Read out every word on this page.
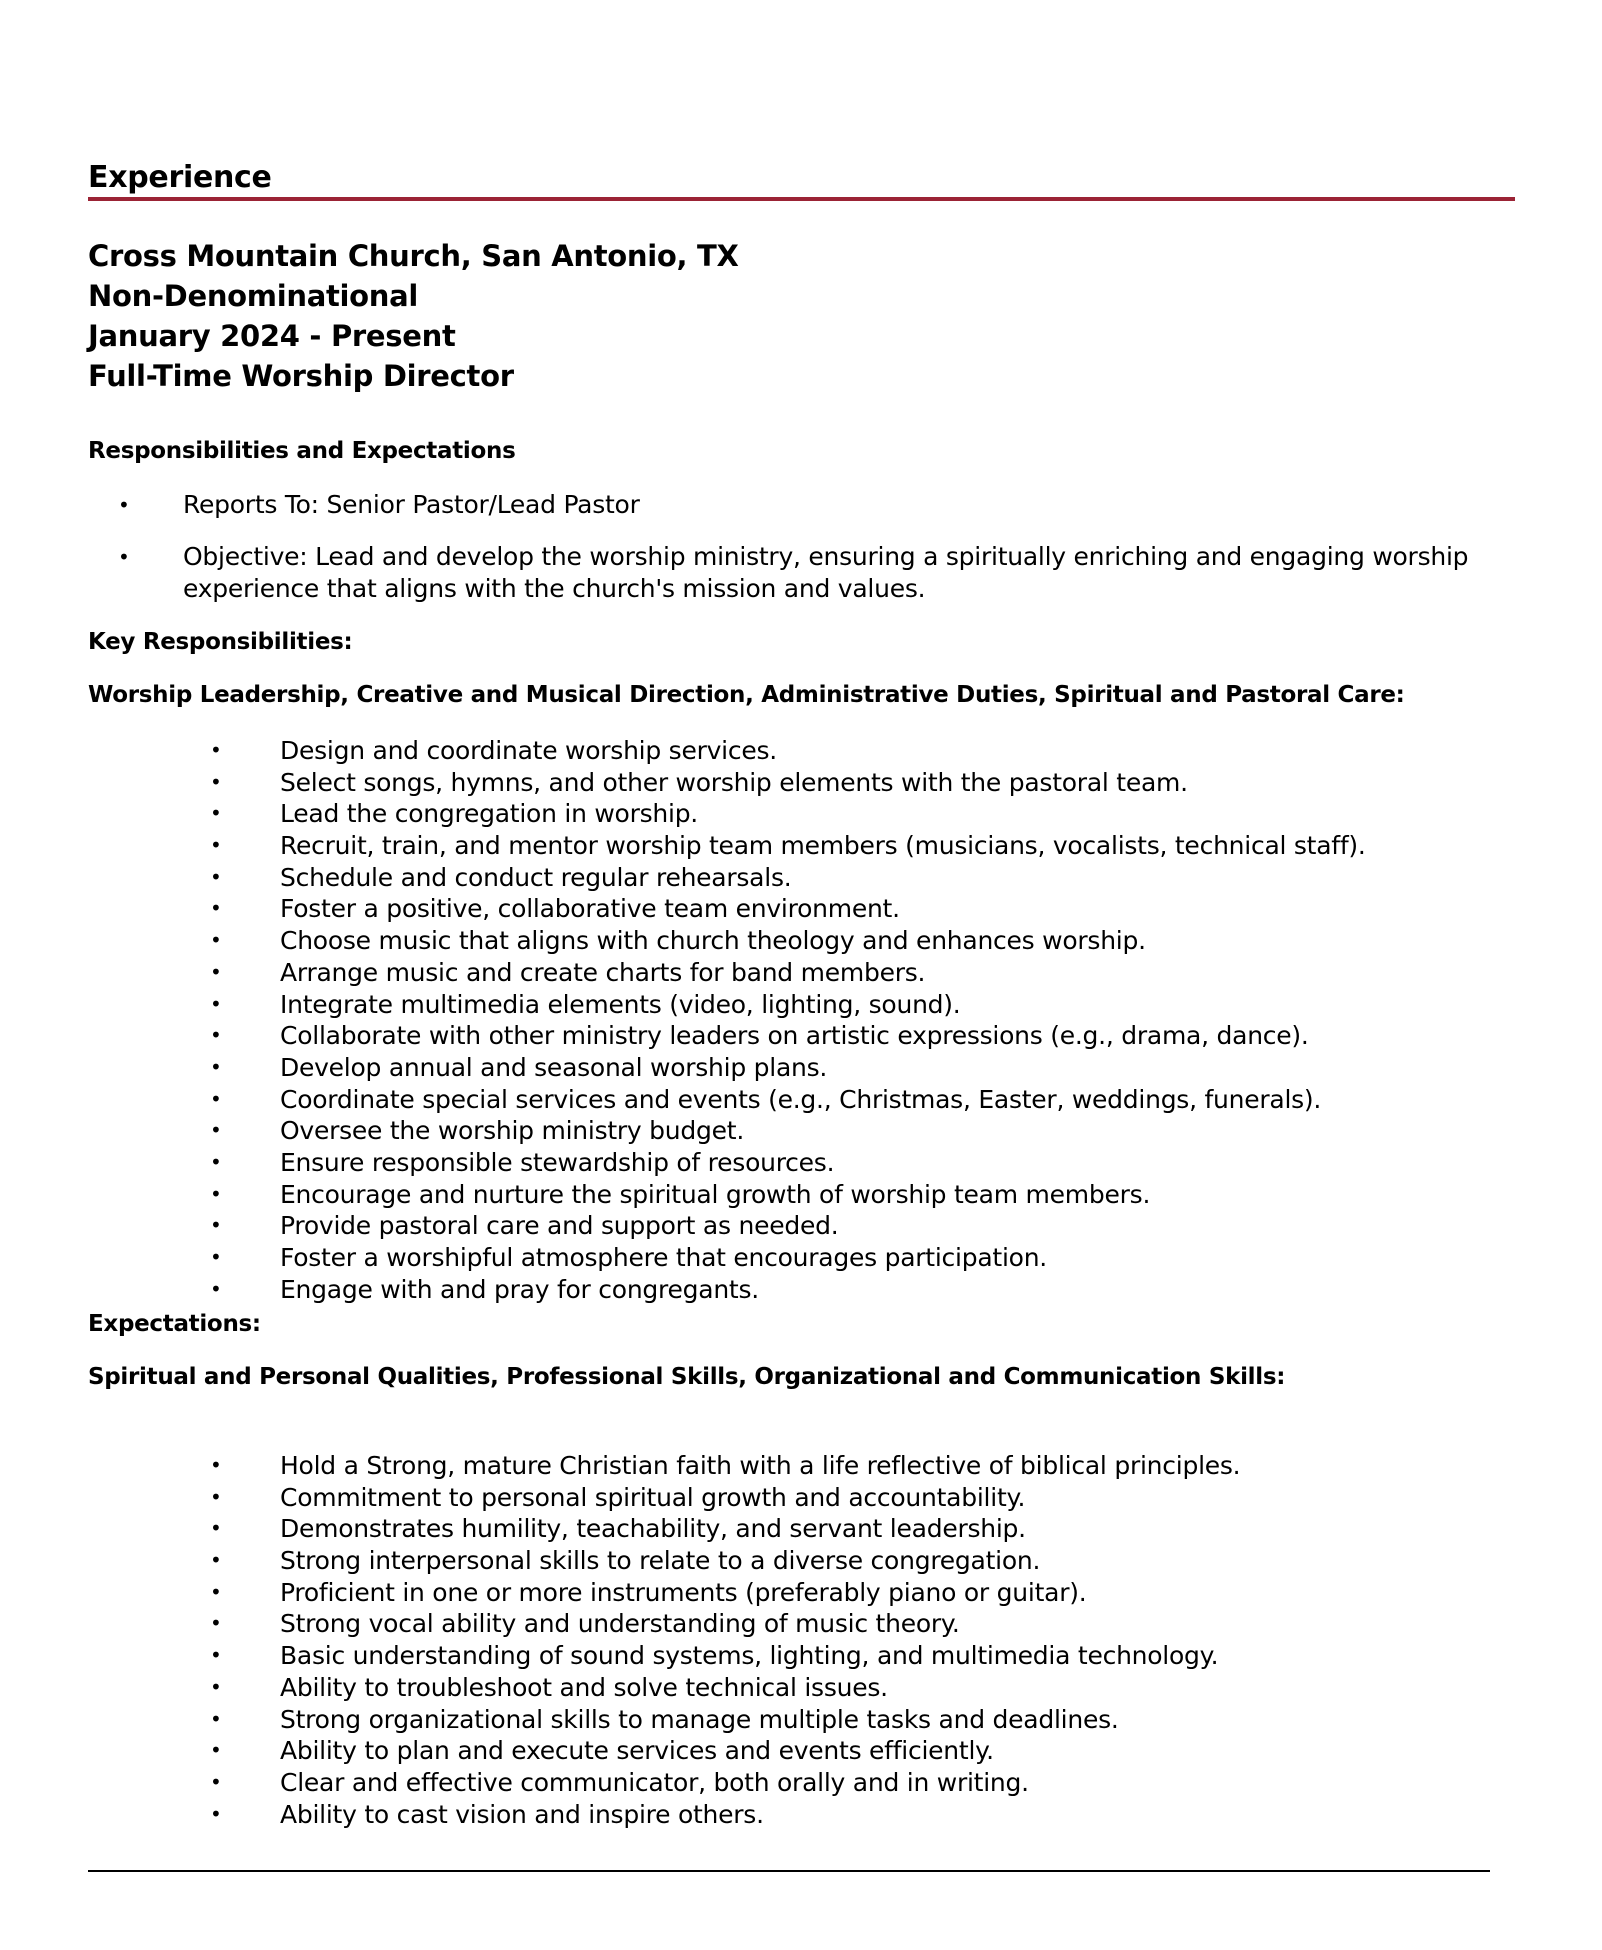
Experience
Cross Mountain Church, San Antonio, TX
Non-Denominational
January 2024 - Present
Full-Time Worship Director
Responsibilities and Expectations
• Reports To: Senior Pastor/Lead Pastor
• Objective: Lead and develop the worship ministry, ensuring a spiritually enriching and engaging worship experience that aligns with the church's mission and values.
Key Responsibilities:
Worship Leadership, Creative and Musical Direction, Administrative Duties, Spiritual and Pastoral Care:
• Design and coordinate worship services.
• Select songs, hymns, and other worship elements with the pastoral team.
• Lead the congregation in worship.
• Recruit, train, and mentor worship team members (musicians, vocalists, technical staff).
• Schedule and conduct regular rehearsals.
• Foster a positive, collaborative team environment.
• Choose music that aligns with church theology and enhances worship.
• Arrange music and create charts for band members.
• Integrate multimedia elements (video, lighting, sound).
• Collaborate with other ministry leaders on artistic expressions (e.g., drama, dance).
• Develop annual and seasonal worship plans.
• Coordinate special services and events (e.g., Christmas, Easter, weddings, funerals).
• Oversee the worship ministry budget.
• Ensure responsible stewardship of resources.
• Encourage and nurture the spiritual growth of worship team members.
• Provide pastoral care and support as needed.
• Foster a worshipful atmosphere that encourages participation.
• Engage with and pray for congregants.
Expectations:
Spiritual and Personal Qualities, Professional Skills, Organizational and Communication Skills:
• Hold a Strong, mature Christian faith with a life reflective of biblical principles.
• Commitment to personal spiritual growth and accountability.
• Demonstrates humility, teachability, and servant leadership.
• Strong interpersonal skills to relate to a diverse congregation.
• Proficient in one or more instruments (preferably piano or guitar).
• Strong vocal ability and understanding of music theory.
• Basic understanding of sound systems, lighting, and multimedia technology.
• Ability to troubleshoot and solve technical issues.
• Strong organizational skills to manage multiple tasks and deadlines.
• Ability to plan and execute services and events efficiently.
• Clear and effective communicator, both orally and in writing.
• Ability to cast vision and inspire others.
